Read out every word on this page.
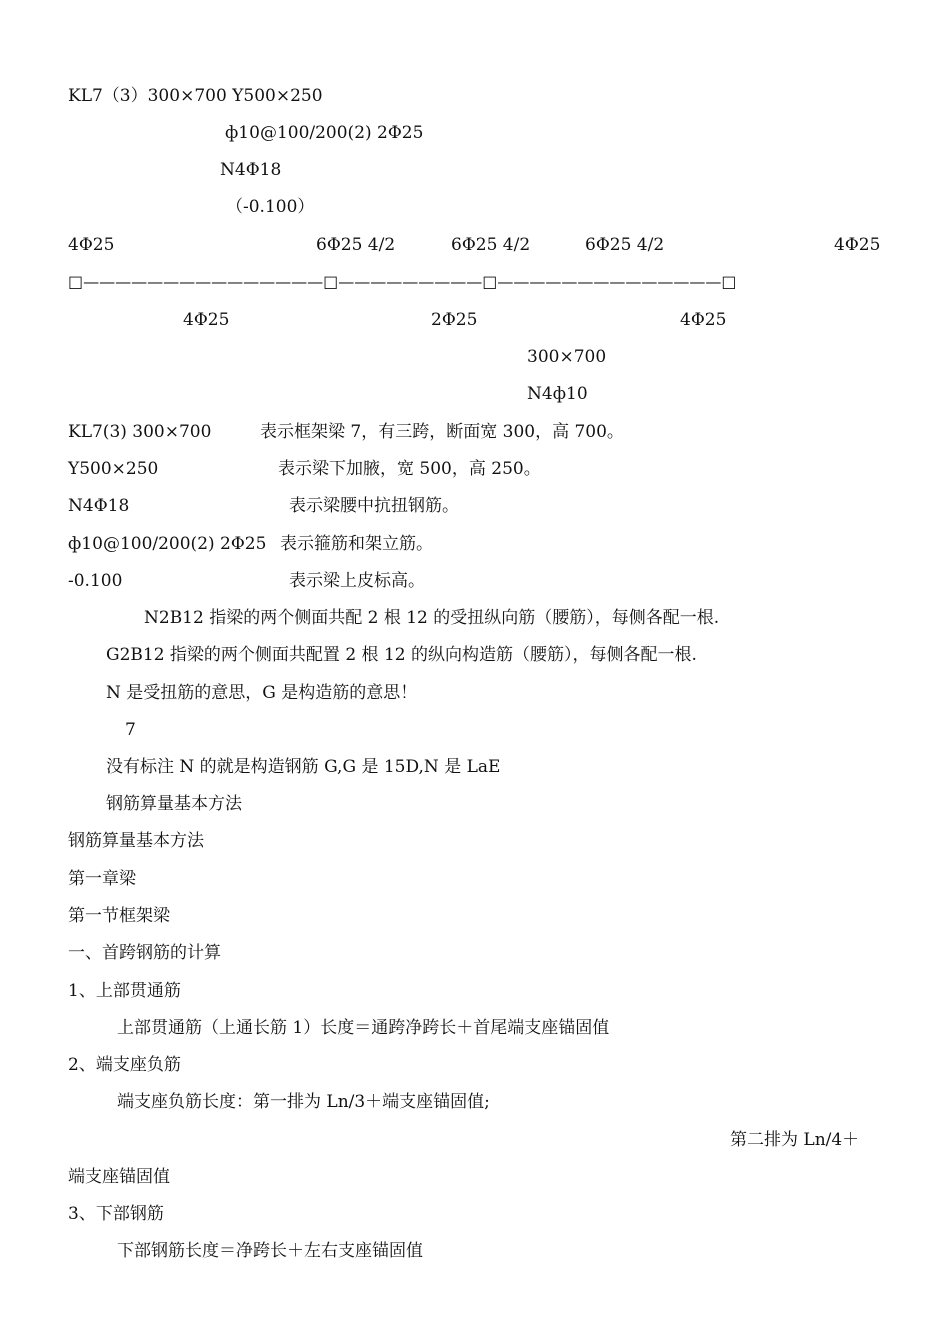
KL7（3）300×700 Y500×250
ф10@100/200(2) 2Φ25
N4Φ18
（-0.100）
4Φ25	6Φ25 4/2	6Φ25 4/2	6Φ25 4/2	4Φ25
□———————————————□—————————□——————————————□
4Φ25	2Φ25	4Φ25
300×700
N4ф10
KL7(3) 300×700	表示框架梁 7，有三跨，断面宽 300，高 700。
Y500×250	表示梁下加腋，宽 500，高 250。
N4Φ18	表示梁腰中抗扭钢筋。
ф10@100/200(2) 2Φ25 表示箍筋和架立筋。
-0.100	表示梁上皮标高。
N2B12 指梁的两个侧面共配 2 根 12 的受扭纵向筋（腰筋），每侧各配一根.
G2B12 指梁的两个侧面共配置 2 根 12 的纵向构造筋（腰筋），每侧各配一根.
N 是受扭筋的意思，G 是构造筋的意思！
7
没有标注 N 的就是构造钢筋 G,G 是 15D,N 是 LaE
钢筋算量基本方法
钢筋算量基本方法
第一章梁
第一节框架梁
一、首跨钢筋的计算
1、上部贯通筋
上部贯通筋（上通长筋 1）长度＝通跨净跨长＋首尾端支座锚固值
2、端支座负筋
端支座负筋长度：第一排为 Ln/3＋端支座锚固值;
第二排为 Ln/4＋
端支座锚固值
3、下部钢筋
下部钢筋长度＝净跨长＋左右支座锚固值
